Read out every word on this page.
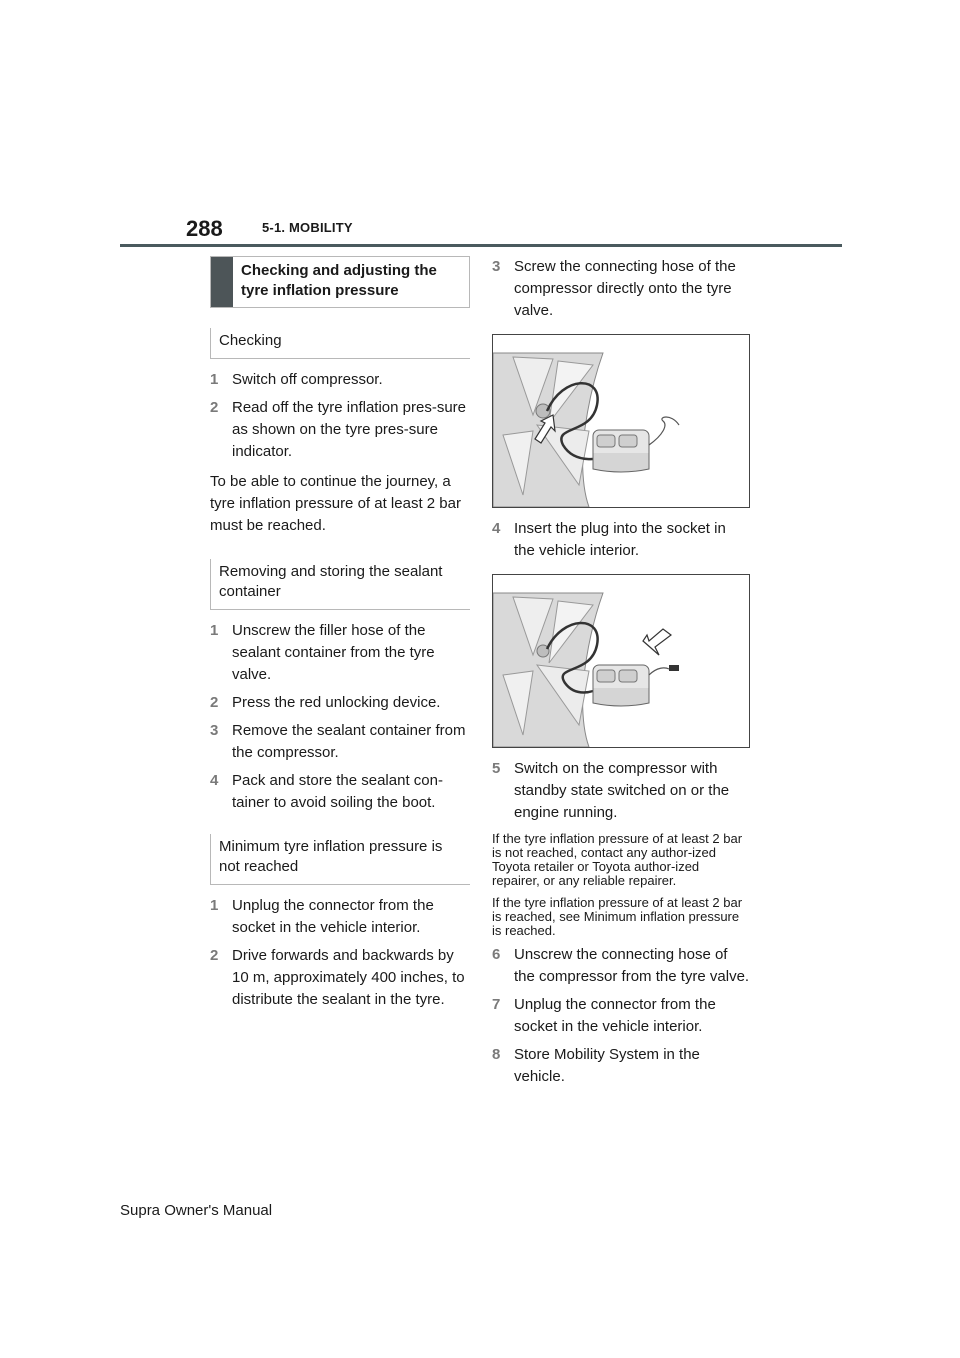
288	5-1. MOBILITY
Checking and adjusting the tyre inflation pressure
Checking
1 Switch off compressor.
2 Read off the tyre inflation pres-sure as shown on the tyre pres-sure indicator.
To be able to continue the journey, a tyre inflation pressure of at least 2 bar must be reached.
Removing and storing the sealant container
1 Unscrew the filler hose of the sealant container from the tyre valve.
2 Press the red unlocking device.
3 Remove the sealant container from the compressor.
4 Pack and store the sealant con-tainer to avoid soiling the boot.
Minimum tyre inflation pressure is not reached
1 Unplug the connector from the socket in the vehicle interior.
2 Drive forwards and backwards by 10 m, approximately 400 inches, to distribute the sealant in the tyre.
3 Screw the connecting hose of the compressor directly onto the tyre valve.
4 Insert the plug into the socket in the vehicle interior.
5 Switch on the compressor with standby state switched on or the engine running.
If the tyre inflation pressure of at least 2 bar is not reached, contact any author-ized Toyota retailer or Toyota author-ized repairer, or any reliable repairer.
If the tyre inflation pressure of at least 2 bar is reached, see Minimum inflation pressure is reached.
6 Unscrew the connecting hose of the compressor from the tyre valve.
7 Unplug the connector from the socket in the vehicle interior.
8 Store Mobility System in the vehicle.
Supra Owner's Manual
